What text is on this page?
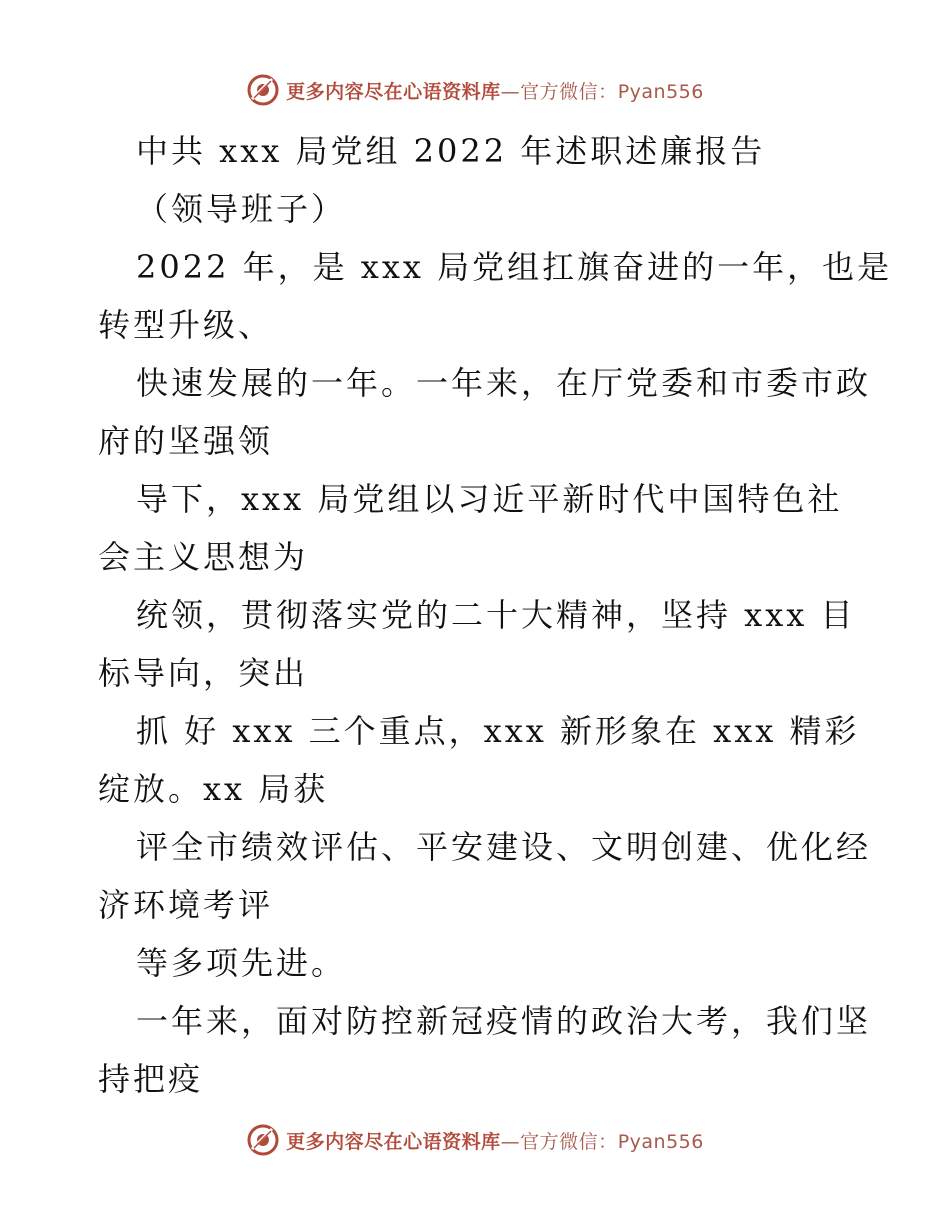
更多内容尽在心语资料库—官方微信：Pyan556
中共 xxx 局党组 2022 年述职述廉报告
（领导班子）
2022 年，是 xxx 局党组扛旗奋进的一年，也是
转型升级、
快速发展的一年。一年来，在厅党委和市委市政
府的坚强领
导下，xxx 局党组以习近平新时代中国特色社
会主义思想为
统领，贯彻落实党的二十大精神，坚持 xxx 目
标导向，突出
抓 好 xxx 三个重点，xxx 新形象在 xxx 精彩
绽放。xx 局获
评全市绩效评估、平安建设、文明创建、优化经
济环境考评
等多项先进。
一年来，面对防控新冠疫情的政治大考，我们坚
持把疫
更多内容尽在心语资料库—官方微信：Pyan556
